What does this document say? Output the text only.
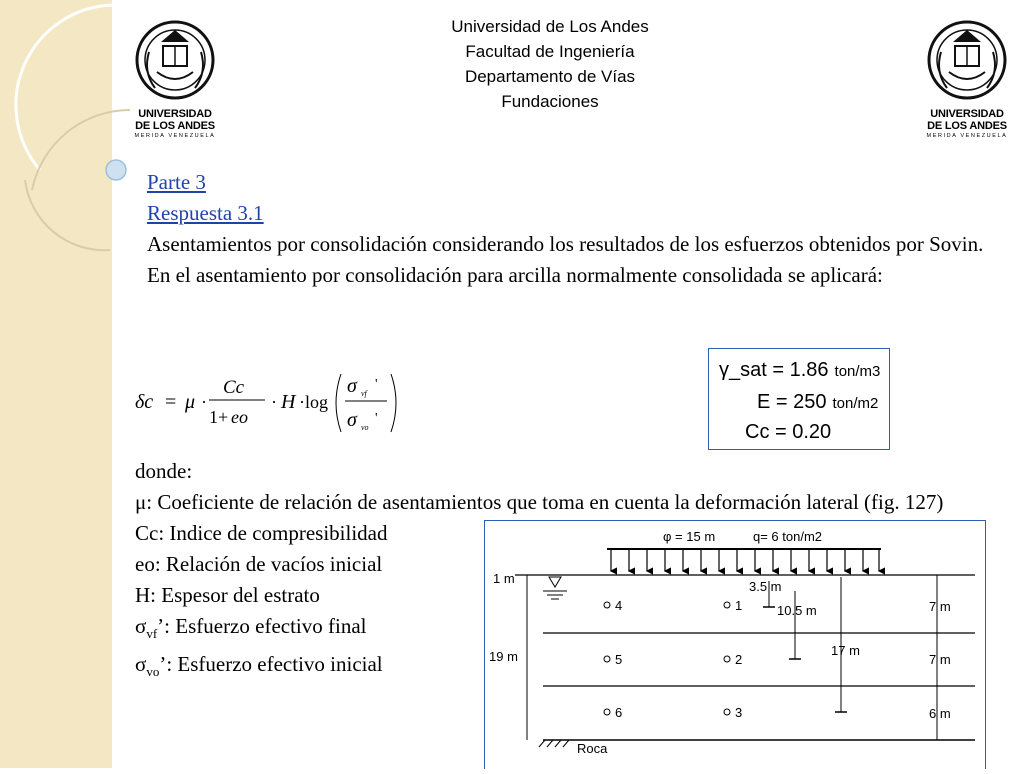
UNIVERSIDAD
DE LOS ANDES
MERIDA VENEZUELA
UNIVERSIDAD
DE LOS ANDES
MERIDA VENEZUELA
Universidad de Los Andes
Facultad de Ingeniería
Departamento de Vías
Fundaciones

Parte 3

Respuesta 3.1

Asentamientos por consolidación considerando los resultados de los esfuerzos obtenidos por Sovin.

En el asentamiento por consolidación para arcilla normalmente consolidada se aplicará:

δc = μ ·
Cc
1+ eo
· H ·log
σ vf
'
σ vo
'
γ_sat = 1.86 ton/m3
E = 250 ton/m2
Cc = 0.20

donde:

μ: Coeficiente de relación de asentamientos que toma en cuenta la deformación lateral (fig. 127)

Cc: Indice de compresibilidad

eo: Relación de vacíos inicial

H: Espesor del estrato

$\sigma_{vf}$’: Esfuerzo efectivo final

$\sigma_{vo}$’: Esfuerzo efectivo inicial

φ = 15 m	q= 6 ton/m2
1 m
19 m
7 m
7 m
6 m
4
5
6
1
2
3
3.5 m
10.5 m
17 m
Roca
